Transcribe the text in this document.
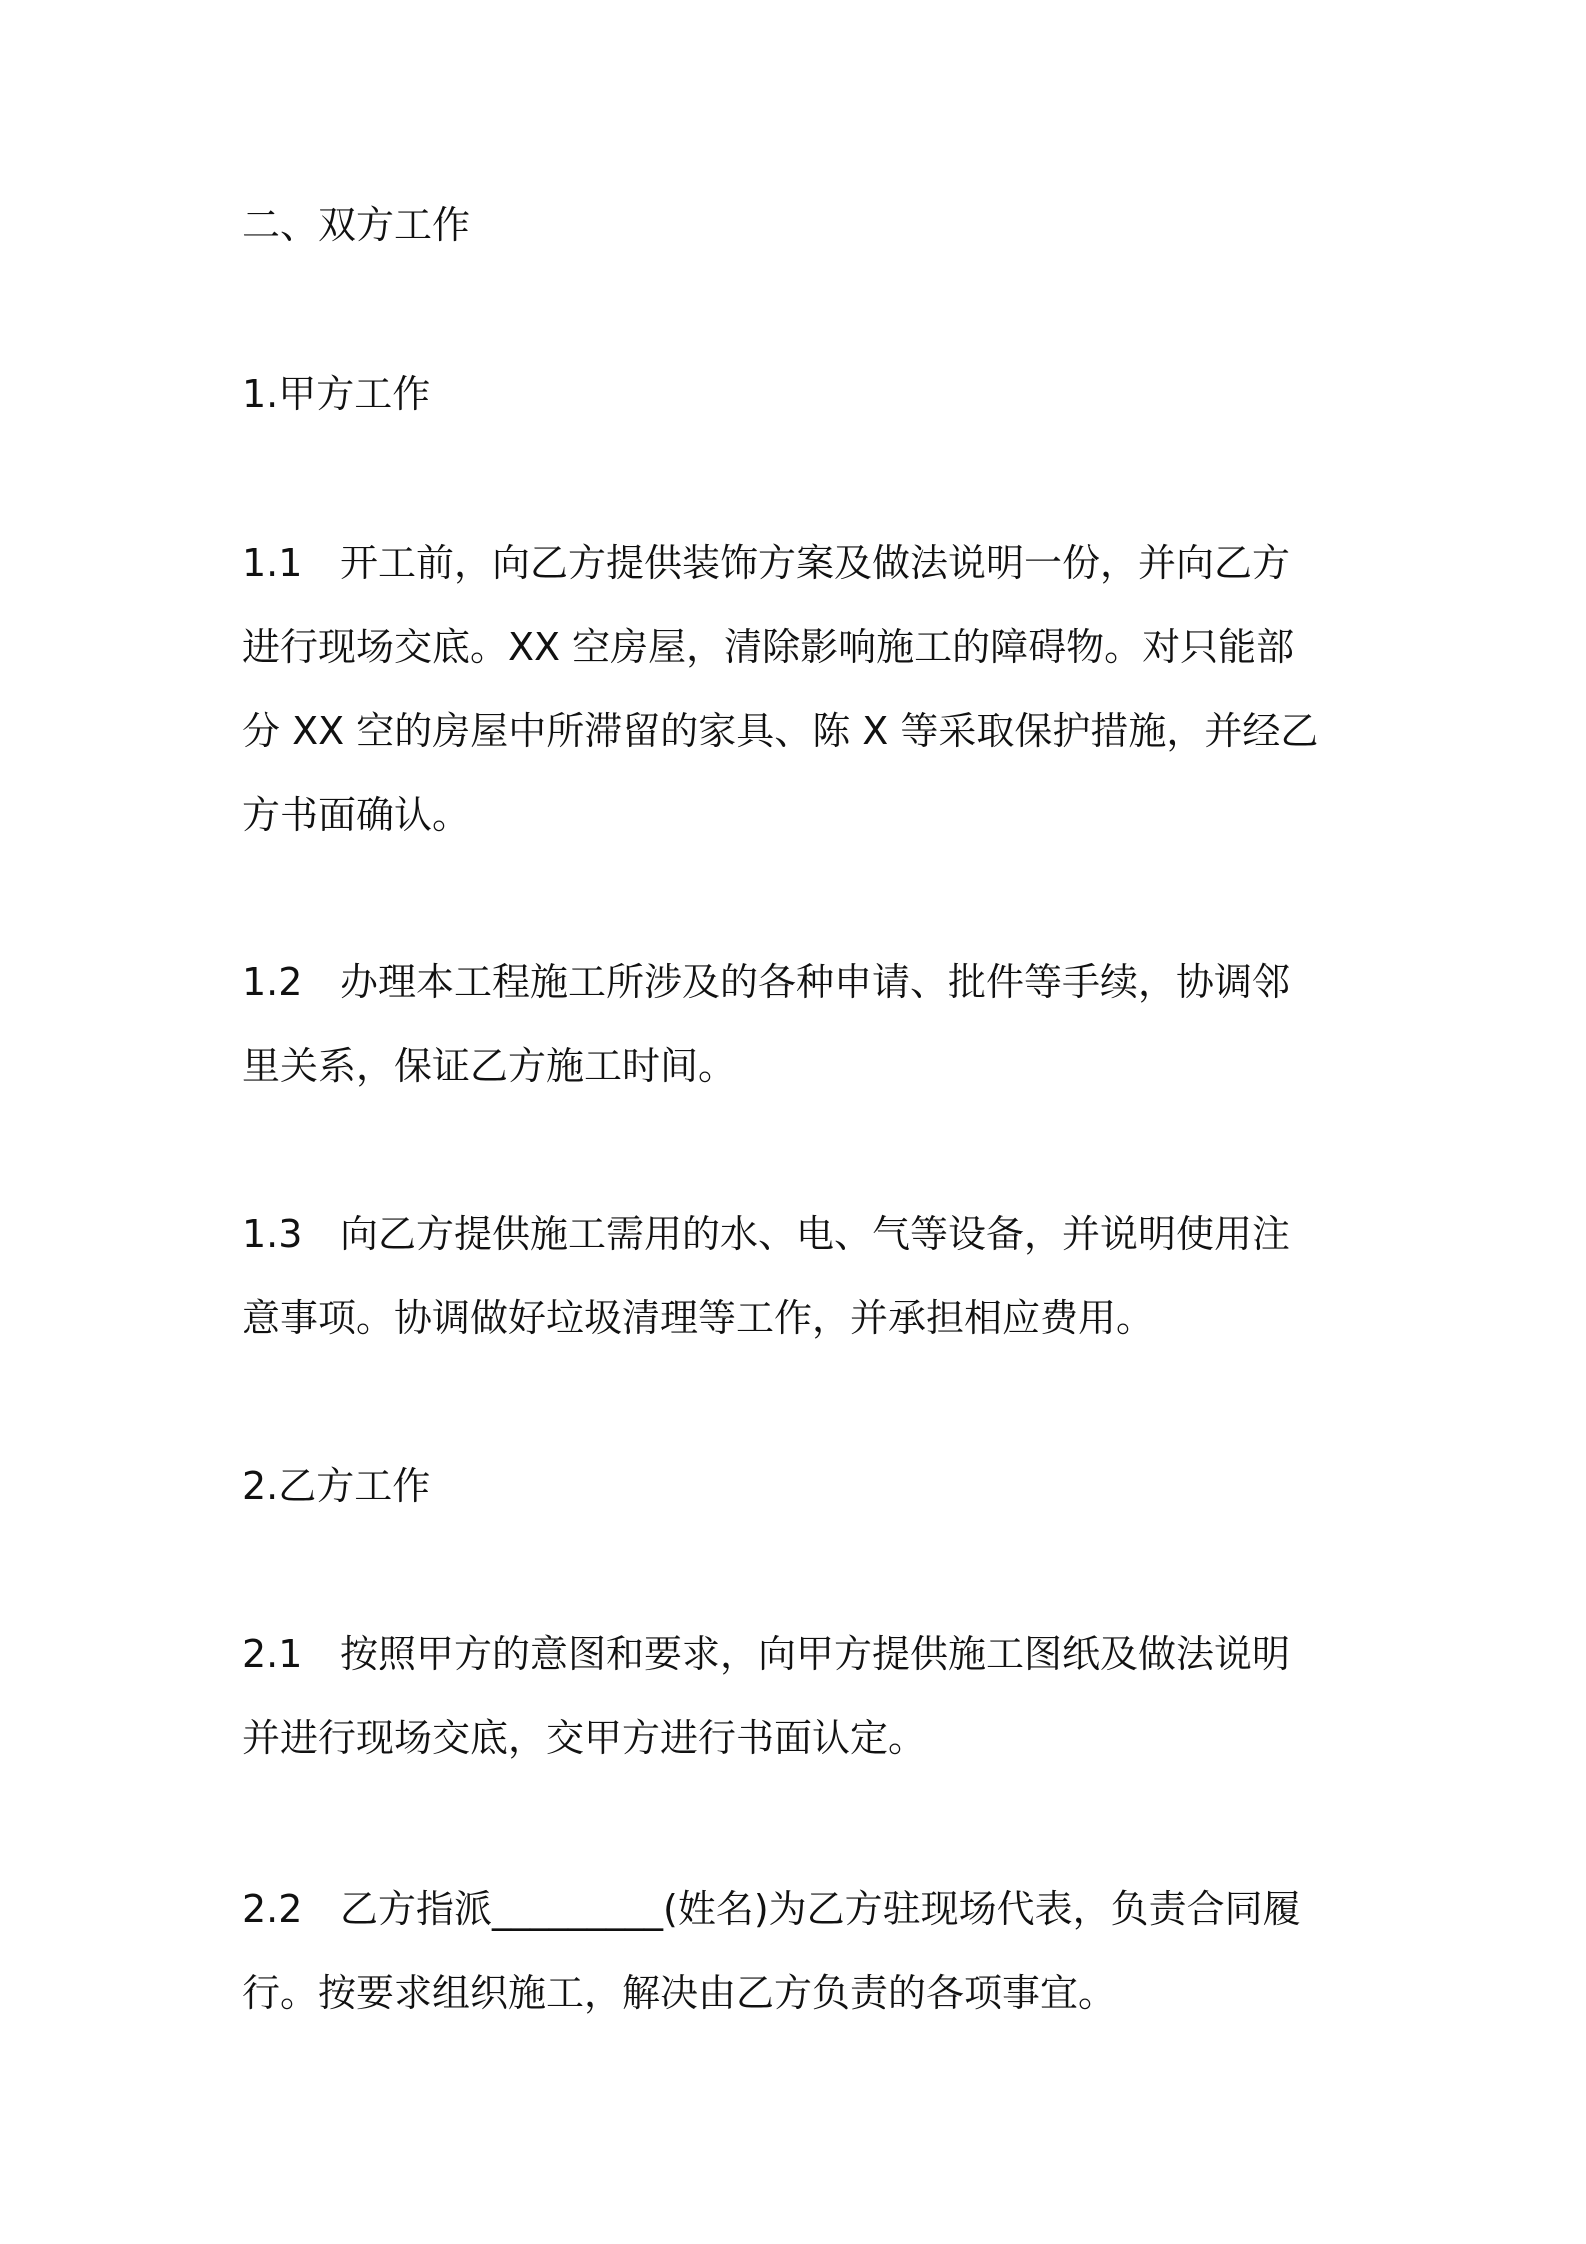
二、双方工作
1.甲方工作
1.1 开工前，向乙方提供装饰方案及做法说明一份，并向乙方
进行现场交底。XX 空房屋，清除影响施工的障碍物。对只能部
分 XX 空的房屋中所滞留的家具、陈 X 等采取保护措施，并经乙
方书面确认。
1.2 办理本工程施工所涉及的各种申请、批件等手续，协调邻
里关系，保证乙方施工时间。
1.3 向乙方提供施工需用的水、电、气等设备，并说明使用注
意事项。协调做好垃圾清理等工作，并承担相应费用。
2.乙方工作
2.1 按照甲方的意图和要求，向甲方提供施工图纸及做法说明
并进行现场交底，交甲方进行书面认定。
2.2 乙方指派_________(姓名)为乙方驻现场代表，负责合同履
行。按要求组织施工，解决由乙方负责的各项事宜。
